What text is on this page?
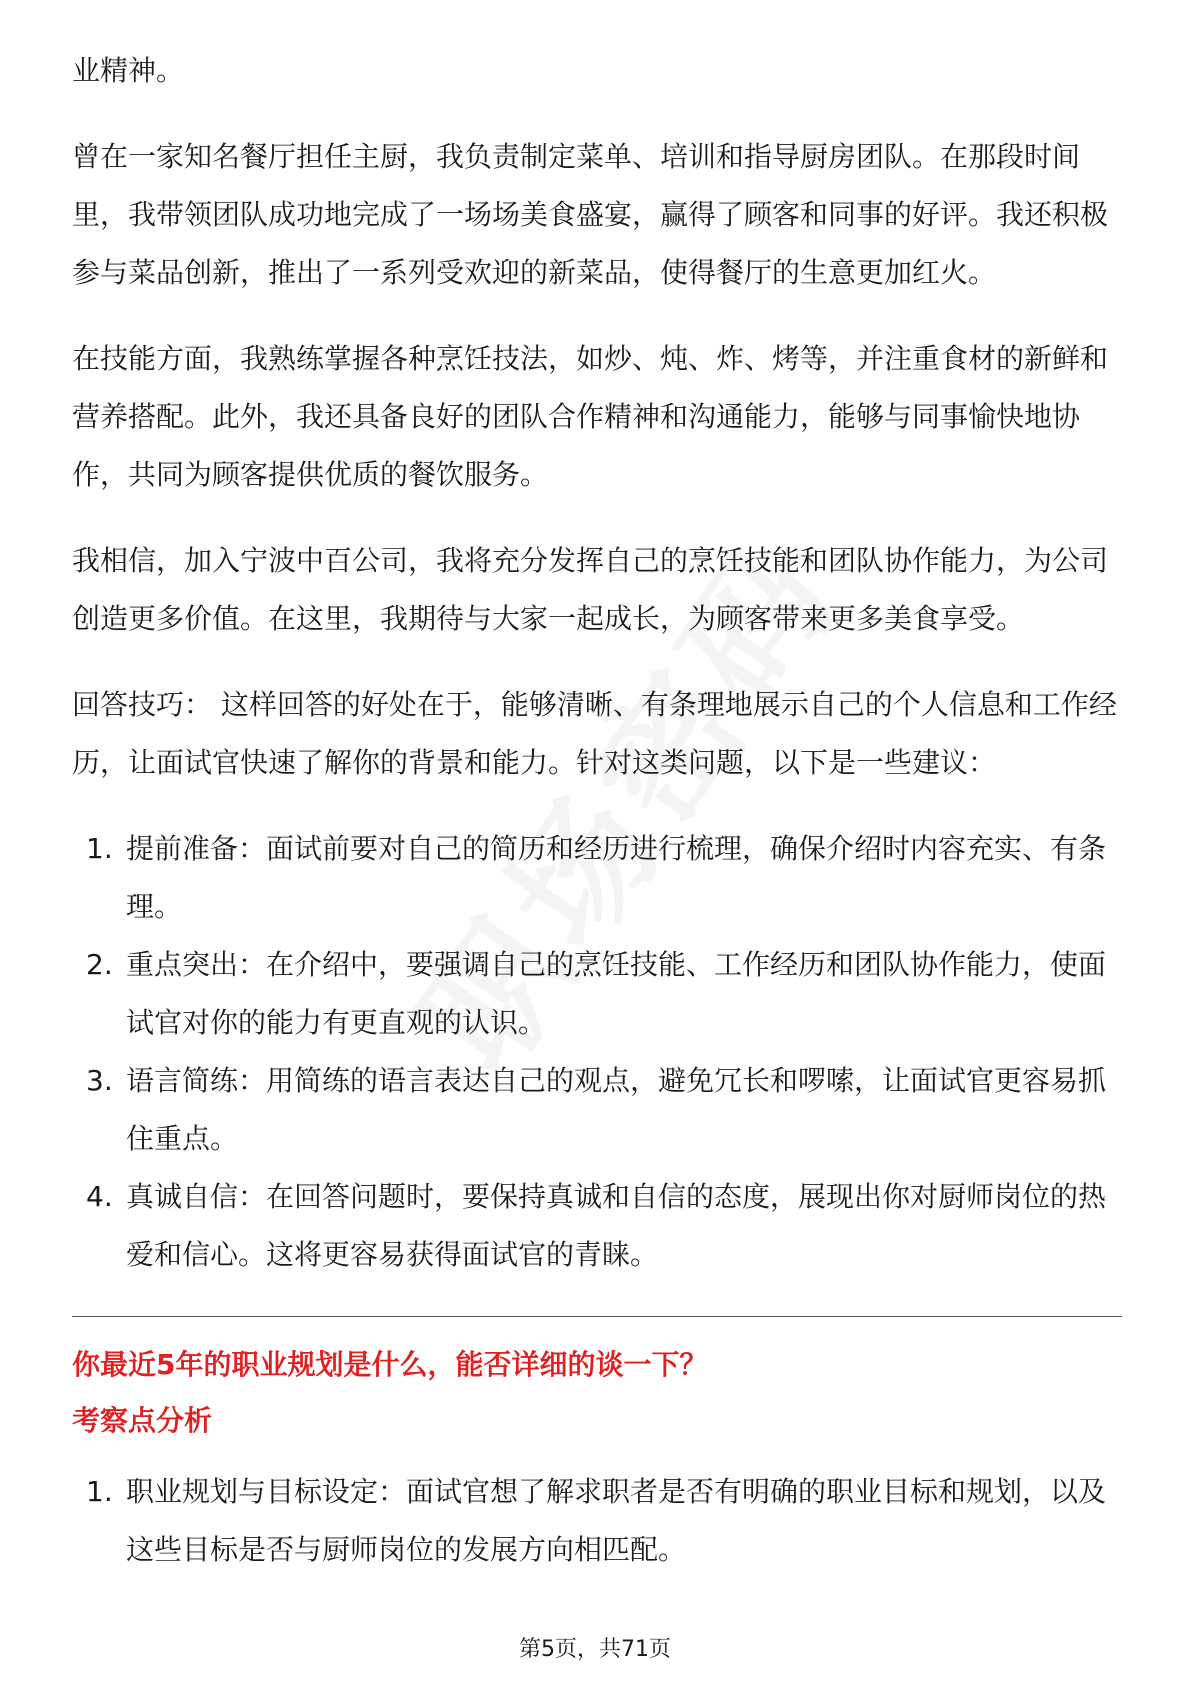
业精神。

曾在一家知名餐厅担任主厨，我负责制定菜单、培训和指导厨房团队。在那段时间里，我带领团队成功地完成了一场场美食盛宴，赢得了顾客和同事的好评。我还积极参与菜品创新，推出了一系列受欢迎的新菜品，使得餐厅的生意更加红火。

在技能方面，我熟练掌握各种烹饪技法，如炒、炖、炸、烤等，并注重食材的新鲜和营养搭配。此外，我还具备良好的团队合作精神和沟通能力，能够与同事愉快地协作，共同为顾客提供优质的餐饮服务。

我相信，加入宁波中百公司，我将充分发挥自己的烹饪技能和团队协作能力，为公司创造更多价值。在这里，我期待与大家一起成长，为顾客带来更多美食享受。

回答技巧： 这样回答的好处在于，能够清晰、有条理地展示自己的个人信息和工作经历，让面试官快速了解你的背景和能力。针对这类问题，以下是一些建议：

1. 提前准备：面试前要对自己的简历和经历进行梳理，确保介绍时内容充实、有条理。
2. 重点突出：在介绍中，要强调自己的烹饪技能、工作经历和团队协作能力，使面试官对你的能力有更直观的认识。
3. 语言简练：用简练的语言表达自己的观点，避免冗长和啰嗦，让面试官更容易抓住重点。
4. 真诚自信：在回答问题时，要保持真诚和自信的态度，展现出你对厨师岗位的热爱和信心。这将更容易获得面试官的青睐。

你最近5年的职业规划是什么，能否详细的谈一下？

考察点分析

1. 职业规划与目标设定：面试官想了解求职者是否有明确的职业目标和规划，以及这些目标是否与厨师岗位的发展方向相匹配。
第5页，共71页
